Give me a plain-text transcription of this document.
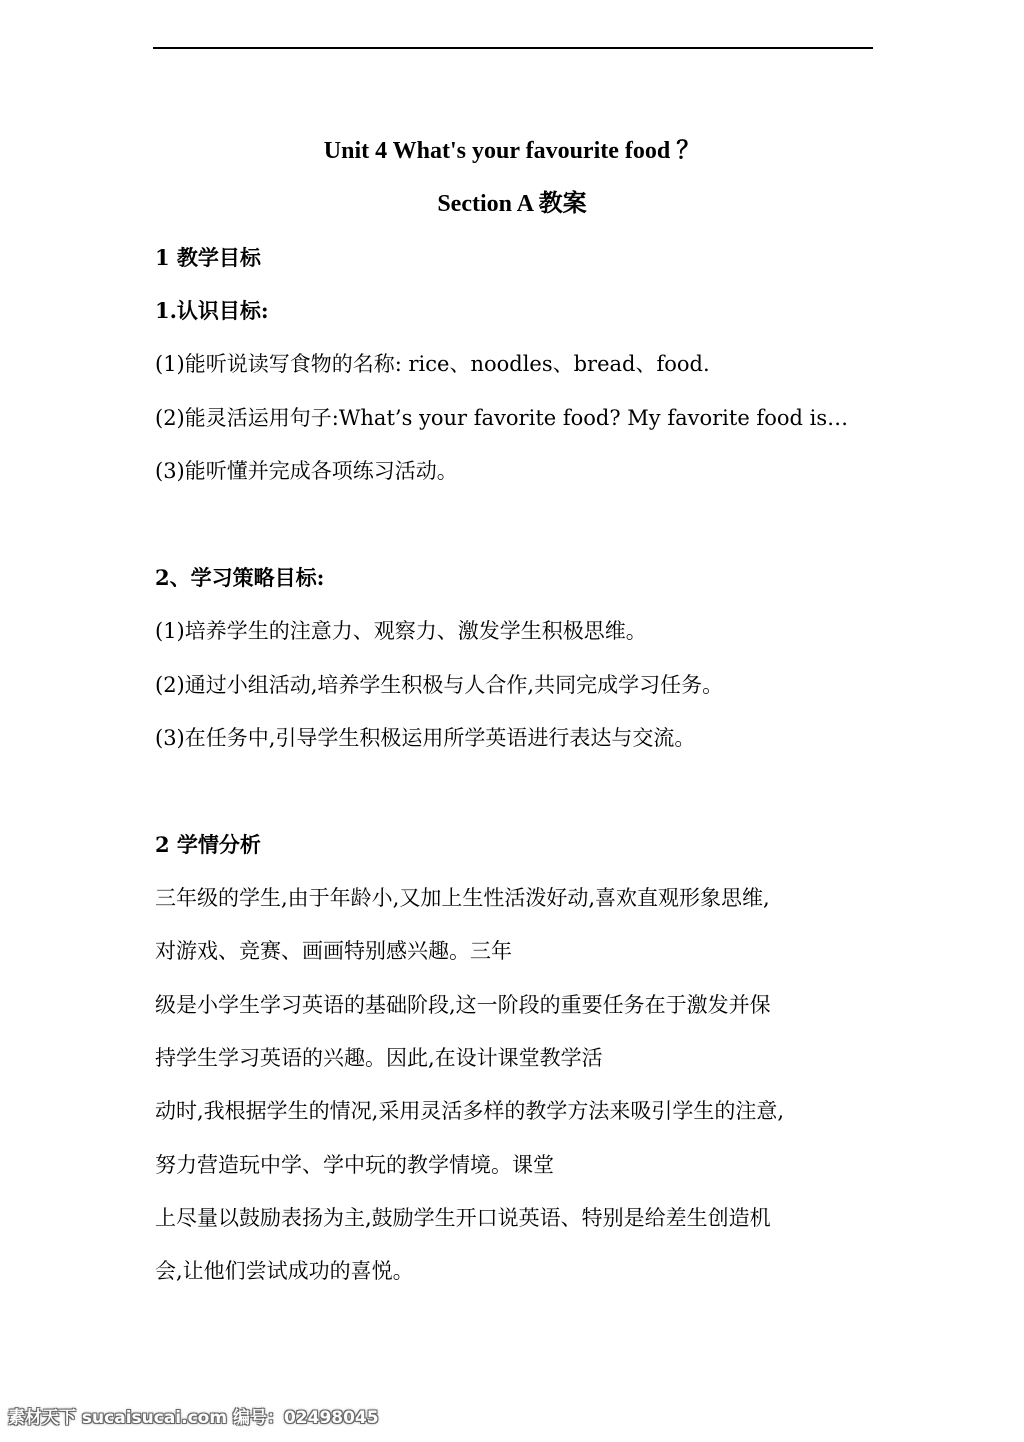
Unit 4 What's your favourite food ？
Section A 教案
1 教学目标
1.认识目标:
(1)能听说读写食物的名称: rice、noodles、bread、food.
(2)能灵活运用句子:What’s your favorite food? My favorite food is…
(3)能听懂并完成各项练习活动。
2、学习策略目标:
(1)培养学生的注意力、观察力、激发学生积极思维。
(2)通过小组活动,培养学生积极与人合作,共同完成学习任务。
(3)在任务中,引导学生积极运用所学英语进行表达与交流。
2 学情分析
三年级的学生,由于年龄小,又加上生性活泼好动,喜欢直观形象思维,
对游戏、竞赛、画画特别感兴趣。三年
级是小学生学习英语的基础阶段,这一阶段的重要任务在于激发并保
持学生学习英语的兴趣。因此,在设计课堂教学活
动时,我根据学生的情况,采用灵活多样的教学方法来吸引学生的注意,
努力营造玩中学、学中玩的教学情境。课堂
上尽量以鼓励表扬为主,鼓励学生开口说英语、特别是给差生创造机
会,让他们尝试成功的喜悦。
素材天下 sucaisucai.com 编号：02498045
